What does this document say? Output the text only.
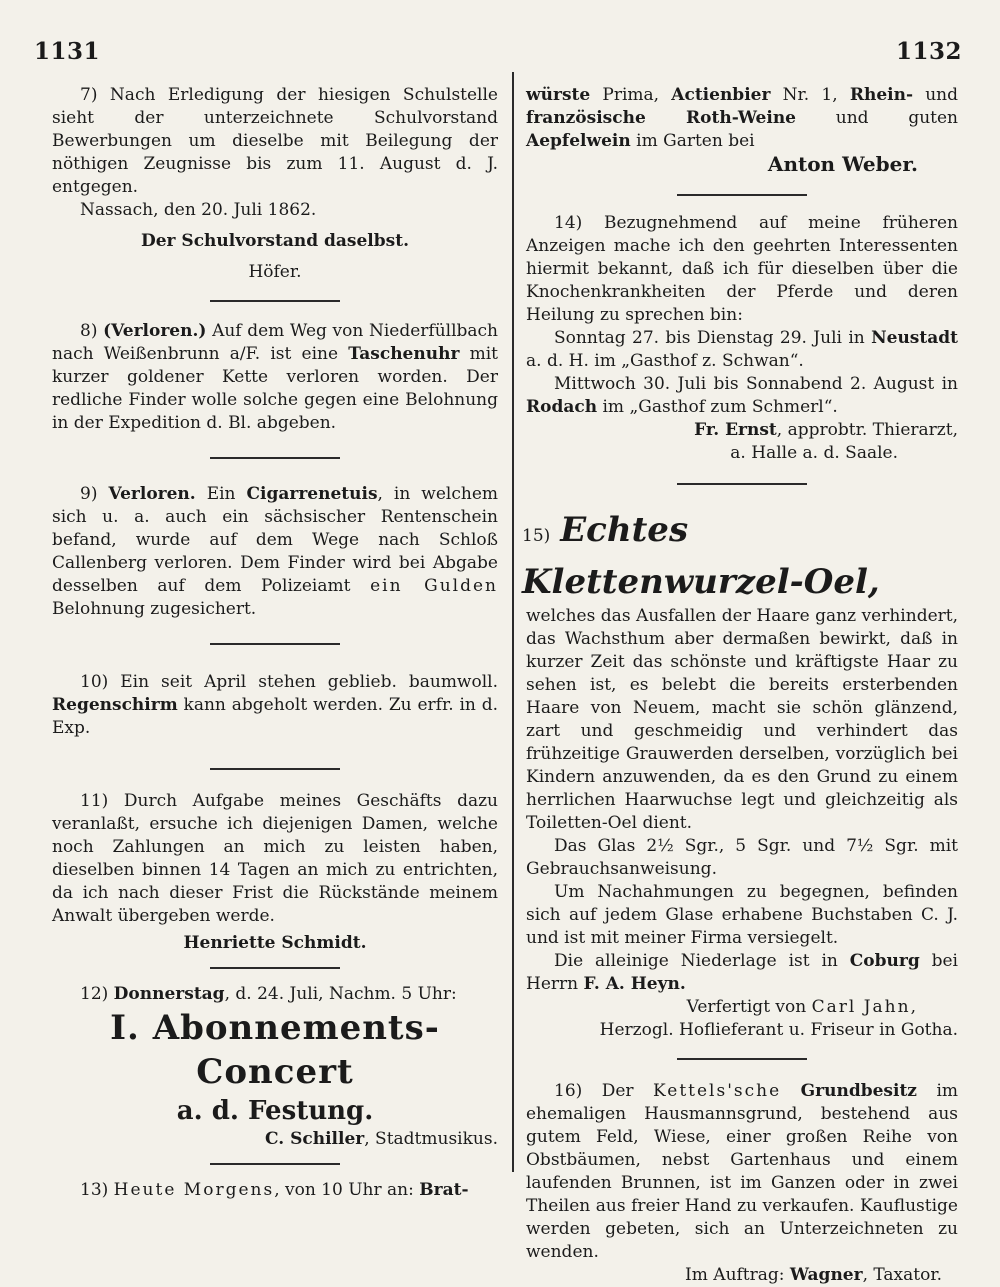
1131	1132

7) Nach Erledigung der hiesigen Schulstelle sieht der unterzeichnete Schulvorstand Bewerbungen um dieselbe mit Beilegung der nöthigen Zeugnisse bis zum 11. August d. J. entgegen.

Nassach, den 20. Juli 1862.

Der Schulvorstand daselbst.

Höfer.

8) (Verloren.) Auf dem Weg von Niederfüllbach nach Weißenbrunn a/F. ist eine Taschenuhr mit kurzer goldener Kette verloren worden. Der redliche Finder wolle solche gegen eine Belohnung in der Expedition d. Bl. abgeben.

9) Verloren. Ein Cigarrenetuis, in welchem sich u. a. auch ein sächsischer Rentenschein befand, wurde auf dem Wege nach Schloß Callenberg verloren. Dem Finder wird bei Abgabe desselben auf dem Polizeiamt ein Gulden Belohnung zugesichert.

10) Ein seit April stehen geblieb. baumwoll. Regenschirm kann abgeholt werden. Zu erfr. in d. Exp.

11) Durch Aufgabe meines Geschäfts dazu veranlaßt, ersuche ich diejenigen Damen, welche noch Zahlungen an mich zu leisten haben, dieselben binnen 14 Tagen an mich zu entrichten, da ich nach dieser Frist die Rückstände meinem Anwalt übergeben werde.

Henriette Schmidt.

12) Donnerstag, d. 24. Juli, Nachm. 5 Uhr:

I. Abonnements-Concert
a. d. Festung.

C. Schiller, Stadtmusikus.

13) Heute Morgens, von 10 Uhr an: Brat-

würste Prima, Actienbier Nr. 1, Rhein- und französische Roth-Weine und guten Aepfelwein im Garten bei

Anton Weber.

14) Bezugnehmend auf meine früheren Anzeigen mache ich den geehrten Interessenten hiermit bekannt, daß ich für dieselben über die Knochenkrankheiten der Pferde und deren Heilung zu sprechen bin:

Sonntag 27. bis Dienstag 29. Juli in Neustadt a. d. H. im „Gasthof z. Schwan“.

Mittwoch 30. Juli bis Sonnabend 2. August in Rodach im „Gasthof zum Schmerl“.

Fr. Ernst, approbtr. Thierarzt,

a. Halle a. d. Saale.

15) Echtes Klettenwurzel-Oel,

welches das Ausfallen der Haare ganz verhindert, das Wachsthum aber dermaßen bewirkt, daß in kurzer Zeit das schönste und kräftigste Haar zu sehen ist, es belebt die bereits ersterbenden Haare von Neuem, macht sie schön glänzend, zart und geschmeidig und verhindert das frühzeitige Grauwerden derselben, vorzüglich bei Kindern anzuwenden, da es den Grund zu einem herrlichen Haarwuchse legt und gleichzeitig als Toiletten-Oel dient.

Das Glas 2½ Sgr., 5 Sgr. und 7½ Sgr. mit Gebrauchsanweisung.

Um Nachahmungen zu begegnen, befinden sich auf jedem Glase erhabene Buchstaben C. J. und ist mit meiner Firma versiegelt.

Die alleinige Niederlage ist in Coburg bei Herrn F. A. Heyn.

Verfertigt von Carl Jahn,

Herzogl. Hoflieferant u. Friseur in Gotha.

16) Der Kettels'sche Grundbesitz im ehemaligen Hausmannsgrund, bestehend aus gutem Feld, Wiese, einer großen Reihe von Obstbäumen, nebst Gartenhaus und einem laufenden Brunnen, ist im Ganzen oder in zwei Theilen aus freier Hand zu verkaufen. Kauflustige werden gebeten, sich an Unterzeichneten zu wenden.

Im Auftrag: Wagner, Taxator.
